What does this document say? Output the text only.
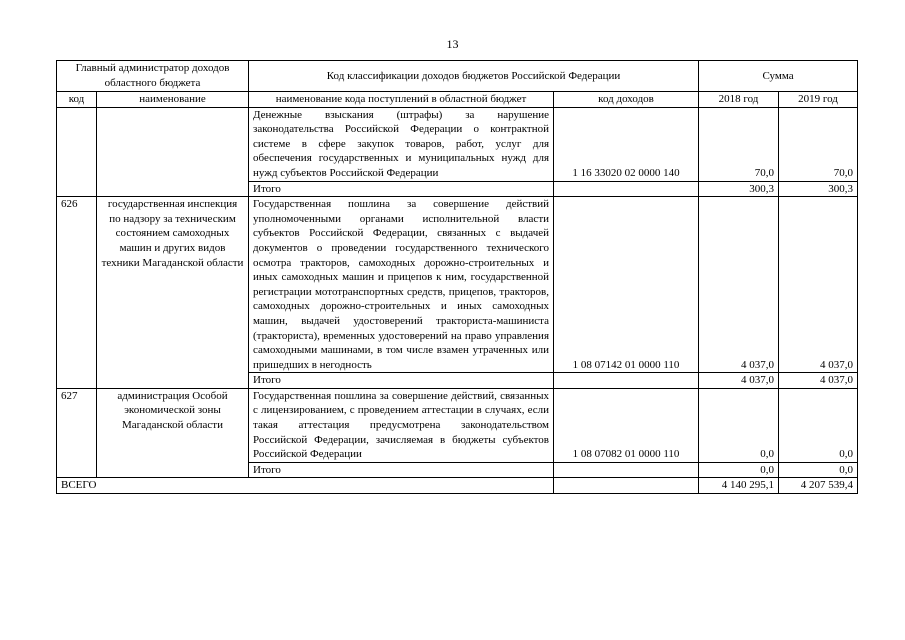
13
Главный администратор доходов областного бюджета		Код классификации доходов бюджетов Российской Федерации		Сумма	
код	наименование	наименование кода поступлений в областной бюджет	код доходов	2018 год	2019 год
		Денежные взыскания (штрафы) за нарушение законодательства Российской Федерации о контрактной системе в сфере закупок товаров, работ, услуг для обеспечения государственных и муниципальных нужд для нужд субъектов Российской Федерации	1 16 33020 02 0000 140	70,0	70,0
		Итого		300,3	300,3
626	государственная инспекция по надзору за техническим состоянием самоходных машин и других видов техники Магаданской области	Государственная пошлина за совершение действий уполномоченными органами исполнительной власти субъектов Российской Федерации, связанных с выдачей документов о проведении государственного технического осмотра тракторов, самоходных дорожно-строительных и иных самоходных машин и прицепов к ним, государственной регистрации мототранспортных средств, прицепов, тракторов, самоходных дорожно-строительных и иных самоходных машин, выдачей удостоверений тракториста-машиниста (тракториста), временных удостоверений на право управления самоходными машинами, в том числе взамен утраченных или пришедших в негодность	1 08 07142 01 0000 110	4 037,0	4 037,0
		Итого		4 037,0	4 037,0
627	администрация Особой экономической зоны Магаданской области	Государственная пошлина за совершение действий, связанных с лицензированием, с проведением аттестации в случаях, если такая аттестация предусмотрена законодательством Российской Федерации, зачисляемая в бюджеты субъектов Российской Федерации	1 08 07082 01 0000 110	0,0	0,0
		Итого		0,0	0,0
ВСЕГО				4 140 295,1	4 207 539,4
